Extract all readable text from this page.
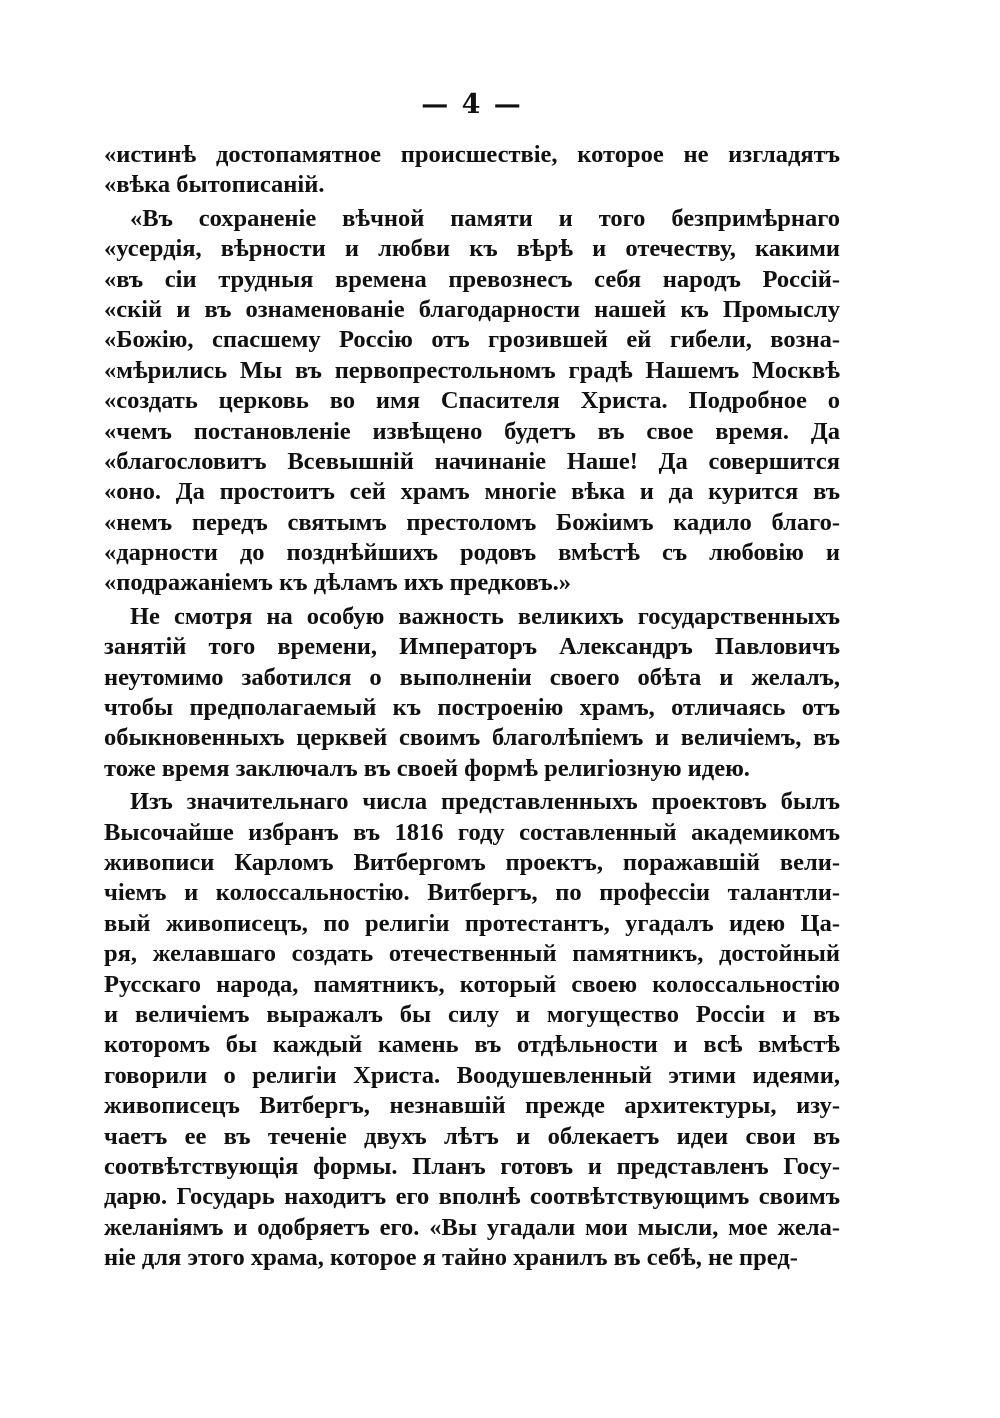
— 4 —
«истинѣ достопамятное происшествіе, которое не изгладятъ
«вѣка бытописаній.
«Въ сохраненіе вѣчной памяти и того безпримѣрнаго
«усердія, вѣрности и любви къ вѣрѣ и отечеству, какими
«въ сіи трудныя времена превознесъ себя народъ Россій-
«скій и въ ознаменованіе благодарности нашей къ Промыслу
«Божію, спасшему Россію отъ грозившей ей гибели, возна-
«мѣрились Мы въ первопрестольномъ градѣ Нашемъ Москвѣ
«создать церковь во имя Спасителя Христа. Подробное о
«чемъ постановленіе извѣщено будетъ въ свое время. Да
«благословитъ Всевышній начинаніе Наше! Да совершится
«оно. Да простоитъ сей храмъ многіе вѣка и да курится въ
«немъ передъ святымъ престоломъ Божіимъ кадило благо-
«дарности до позднѣйшихъ родовъ вмѣстѣ съ любовію и
«подражаніемъ къ дѣламъ ихъ предковъ.»
Не смотря на особую важность великихъ государственныхъ
занятій того времени, Императоръ Александръ Павловичъ
неутомимо заботился о выполненіи своего обѣта и желалъ,
чтобы предполагаемый къ построенію храмъ, отличаясь отъ
обыкновенныхъ церквей своимъ благолѣпіемъ и величіемъ, въ
тоже время заключалъ въ своей формѣ религіозную идею.
Изъ значительнаго числа представленныхъ проектовъ былъ
Высочайше избранъ въ 1816 году составленный академикомъ
живописи Карломъ Витбергомъ проектъ, поражавшій вели-
чіемъ и колоссальностію. Витбергъ, по профессіи талантли-
вый живописецъ, по религіи протестантъ, угадалъ идею Ца-
ря, желавшаго создать отечественный памятникъ, достойный
Русскаго народа, памятникъ, который своею колоссальностію
и величіемъ выражалъ бы силу и могущество Россіи и въ
которомъ бы каждый камень въ отдѣльности и всѣ вмѣстѣ
говорили о религіи Христа. Воодушевленный этими идеями,
живописецъ Витбергъ, незнавшій прежде архитектуры, изу-
чаетъ ее въ теченіе двухъ лѣтъ и облекаетъ идеи свои въ
соотвѣтствующія формы. Планъ готовъ и представленъ Госу-
дарю. Государь находитъ его вполнѣ соотвѣтствующимъ своимъ
желаніямъ и одобряетъ его. «Вы угадали мои мысли, мое жела-
ніе для этого храма, которое я тайно хранилъ въ себѣ, не пред-
